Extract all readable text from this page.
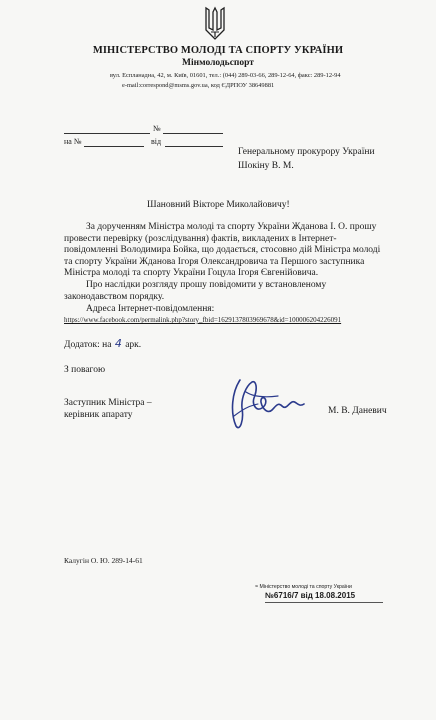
МІНІСТЕРСТВО МОЛОДІ ТА СПОРТУ УКРАЇНИ
Мінмолодьспорт
вул. Еспланадна, 42, м. Київ, 01601, тел.: (044) 289-03-66, 289-12-64, факс: 289-12-94
e-mail:correspond@msms.gov.ua, код ЄДРПОУ 38649881
№
на №	від
Генеральному прокурору України
Шокіну В. М.
Шановний Вікторе Миколайовичу!
За дорученням Міністра молоді та спорту України Жданова І. О. прошу
провести перевірку (розслідування) фактів, викладених в Інтернет-
повідомленні Володимира Бойка, що додається, стосовно дій Міністра молоді
та спорту України Жданова Ігоря Олександровича та Першого заступника
Міністра молоді та спорту України Гоцула Ігоря Євгенійовича.
Про наслідки розгляду прошу повідомити у встановленому
законодавством порядку.
Адреса Інтернет-повідомлення:
https://www.facebook.com/permalink.php?story_fbid=1629137803969678&id=100006204226091
Додаток: на 4 арк.
З повагою
Заступник Міністра –
керівник апарату	М. В. Даневич
Калугін О. Ю. 289-14-61
≈ Міністерство молоді та спорту України
№6716/7 від 18.08.2015
